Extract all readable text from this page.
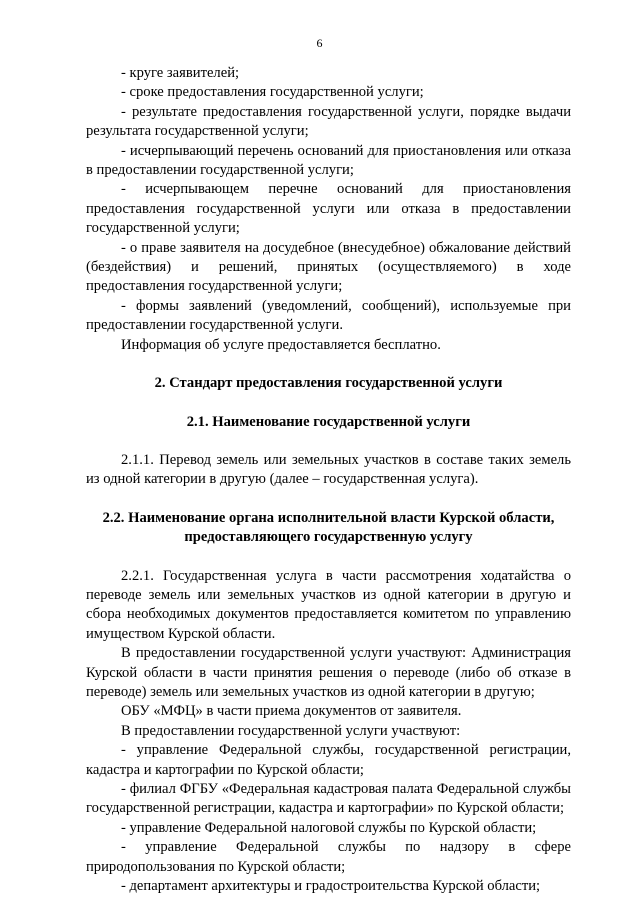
6

- круге заявителей;

- сроке предоставления государственной услуги;

- результате предоставления государственной услуги, порядке выдачи результата государственной услуги;

- исчерпывающий перечень оснований для приостановления или отказа в предоставлении государственной услуги;

- исчерпывающем перечне оснований для приостановления предоставления государственной услуги или отказа в предоставлении государственной услуги;

- о праве заявителя на досудебное (внесудебное) обжалование действий (бездействия) и решений, принятых (осуществляемого) в ходе предоставления государственной услуги;

- формы заявлений (уведомлений, сообщений), используемые при предоставлении государственной услуги.

Информация об услуге предоставляется бесплатно.

2. Стандарт предоставления государственной услуги

2.1. Наименование государственной услуги

2.1.1. Перевод земель или земельных участков в составе таких земель из одной категории в другую (далее – государственная услуга).

2.2. Наименование органа исполнительной власти Курской области, предоставляющего государственную услугу

2.2.1. Государственная услуга в части рассмотрения ходатайства о переводе земель или земельных участков из одной категории в другую и сбора необходимых документов предоставляется комитетом по управлению имуществом Курской области.

В предоставлении государственной услуги участвуют: Администрация Курской области в части принятия решения о переводе (либо об отказе в переводе) земель или земельных участков из одной категории в другую;

ОБУ «МФЦ» в части приема документов от заявителя.

В предоставлении государственной услуги участвуют:

- управление Федеральной службы, государственной регистрации, кадастра и картографии по Курской области;

- филиал ФГБУ «Федеральная кадастровая палата Федеральной службы государственной регистрации, кадастра и картографии» по Курской области;

- управление Федеральной налоговой службы по Курской области;

- управление Федеральной службы по надзору в сфере природопользования по Курской области;

- департамент архитектуры и градостроительства Курской области;
